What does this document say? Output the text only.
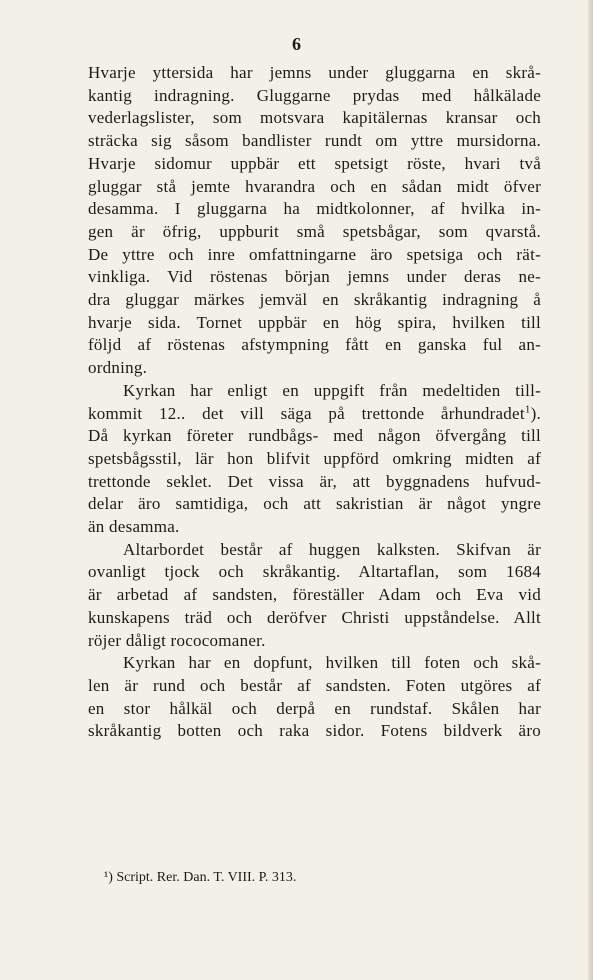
6
Hvarje yttersida har jemns under gluggarna en skrå-
kantig indragning. Gluggarne prydas med hålkälade
vederlagslister, som motsvara kapitälernas kransar och
sträcka sig såsom bandlister rundt om yttre mursidorna.
Hvarje sidomur uppbär ett spetsigt röste, hvari två
gluggar stå jemte hvarandra och en sådan midt öfver
desamma. I gluggarna ha midtkolonner, af hvilka in-
gen är öfrig, uppburit små spetsbågar, som qvarstå.
De yttre och inre omfattningarne äro spetsiga och rät-
vinkliga. Vid röstenas början jemns under deras ne-
dra gluggar märkes jemväl en skråkantig indragning å
hvarje sida. Tornet uppbär en hög spira, hvilken till
följd af röstenas afstympning fått en ganska ful an-
ordning.
Kyrkan har enligt en uppgift från medeltiden till-
kommit 12.. det vill säga på trettonde århundradet$^1$).
Då kyrkan företer rundbågs- med någon öfvergång till
spetsbågsstil, lär hon blifvit uppförd omkring midten af
trettonde seklet. Det vissa är, att byggnadens hufvud-
delar äro samtidiga, och att sakristian är något yngre
än desamma.
Altarbordet består af huggen kalksten. Skifvan är
ovanligt tjock och skråkantig. Altartaflan, som 1684
är arbetad af sandsten, föreställer Adam och Eva vid
kunskapens träd och deröfver Christi uppståndelse. Allt
röjer dåligt rococomaner.
Kyrkan har en dopfunt, hvilken till foten och skå-
len är rund och består af sandsten. Foten utgöres af
en stor hålkäl och derpå en rundstaf. Skålen har
skråkantig botten och raka sidor. Fotens bildverk äro
¹) Script. Rer. Dan. T. VIII. P. 313.
